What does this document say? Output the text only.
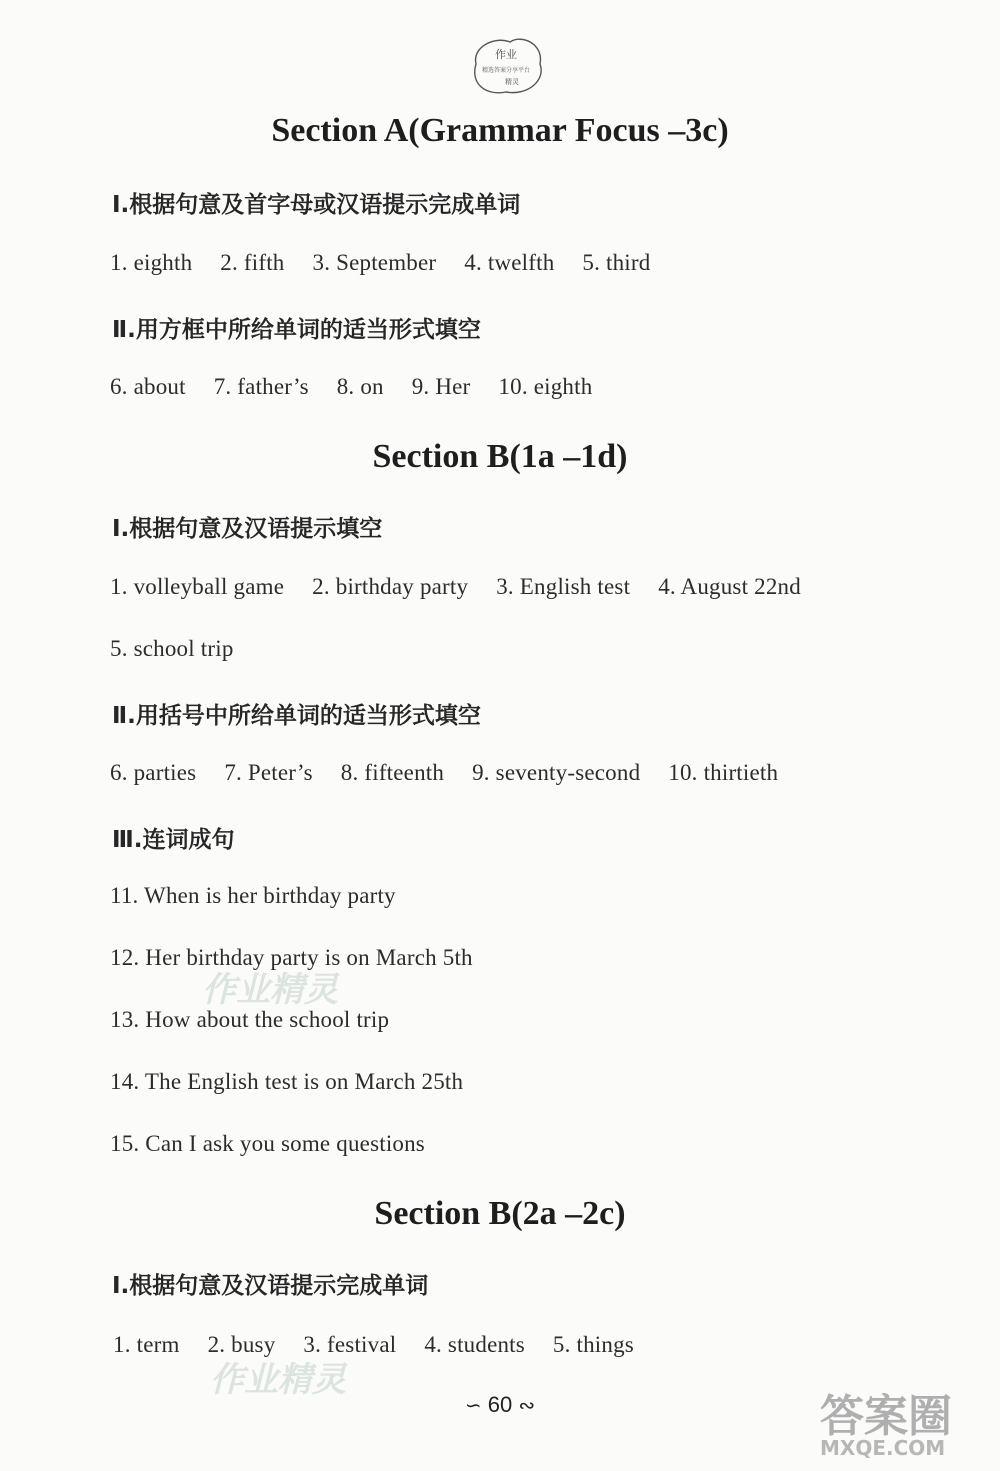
作业
精选答案分享平台
精灵
Section A(Grammar Focus –3c)
Ⅰ.根据句意及首字母或汉语提示完成单词
1. eighth 2. fifth 3. September 4. twelfth 5. third
Ⅱ.用方框中所给单词的适当形式填空
6. about 7. father’s 8. on 9. Her 10. eighth
Section B(1a –1d)
Ⅰ.根据句意及汉语提示填空
1. volleyball game 2. birthday party 3. English test 4. August 22nd
5. school trip
Ⅱ.用括号中所给单词的适当形式填空
6. parties 7. Peter’s 8. fifteenth 9. seventy-second 10. thirtieth
Ⅲ.连词成句
11. When is her birthday party
12. Her birthday party is on March 5th
13. How about the school trip
14. The English test is on March 25th
15. Can I ask you some questions
Section B(2a –2c)
Ⅰ.根据句意及汉语提示完成单词
1. term 2. busy 3. festival 4. students 5. things
作业精灵
作业精灵
∽ 60 ∾	答案圈
MXQE.COM
